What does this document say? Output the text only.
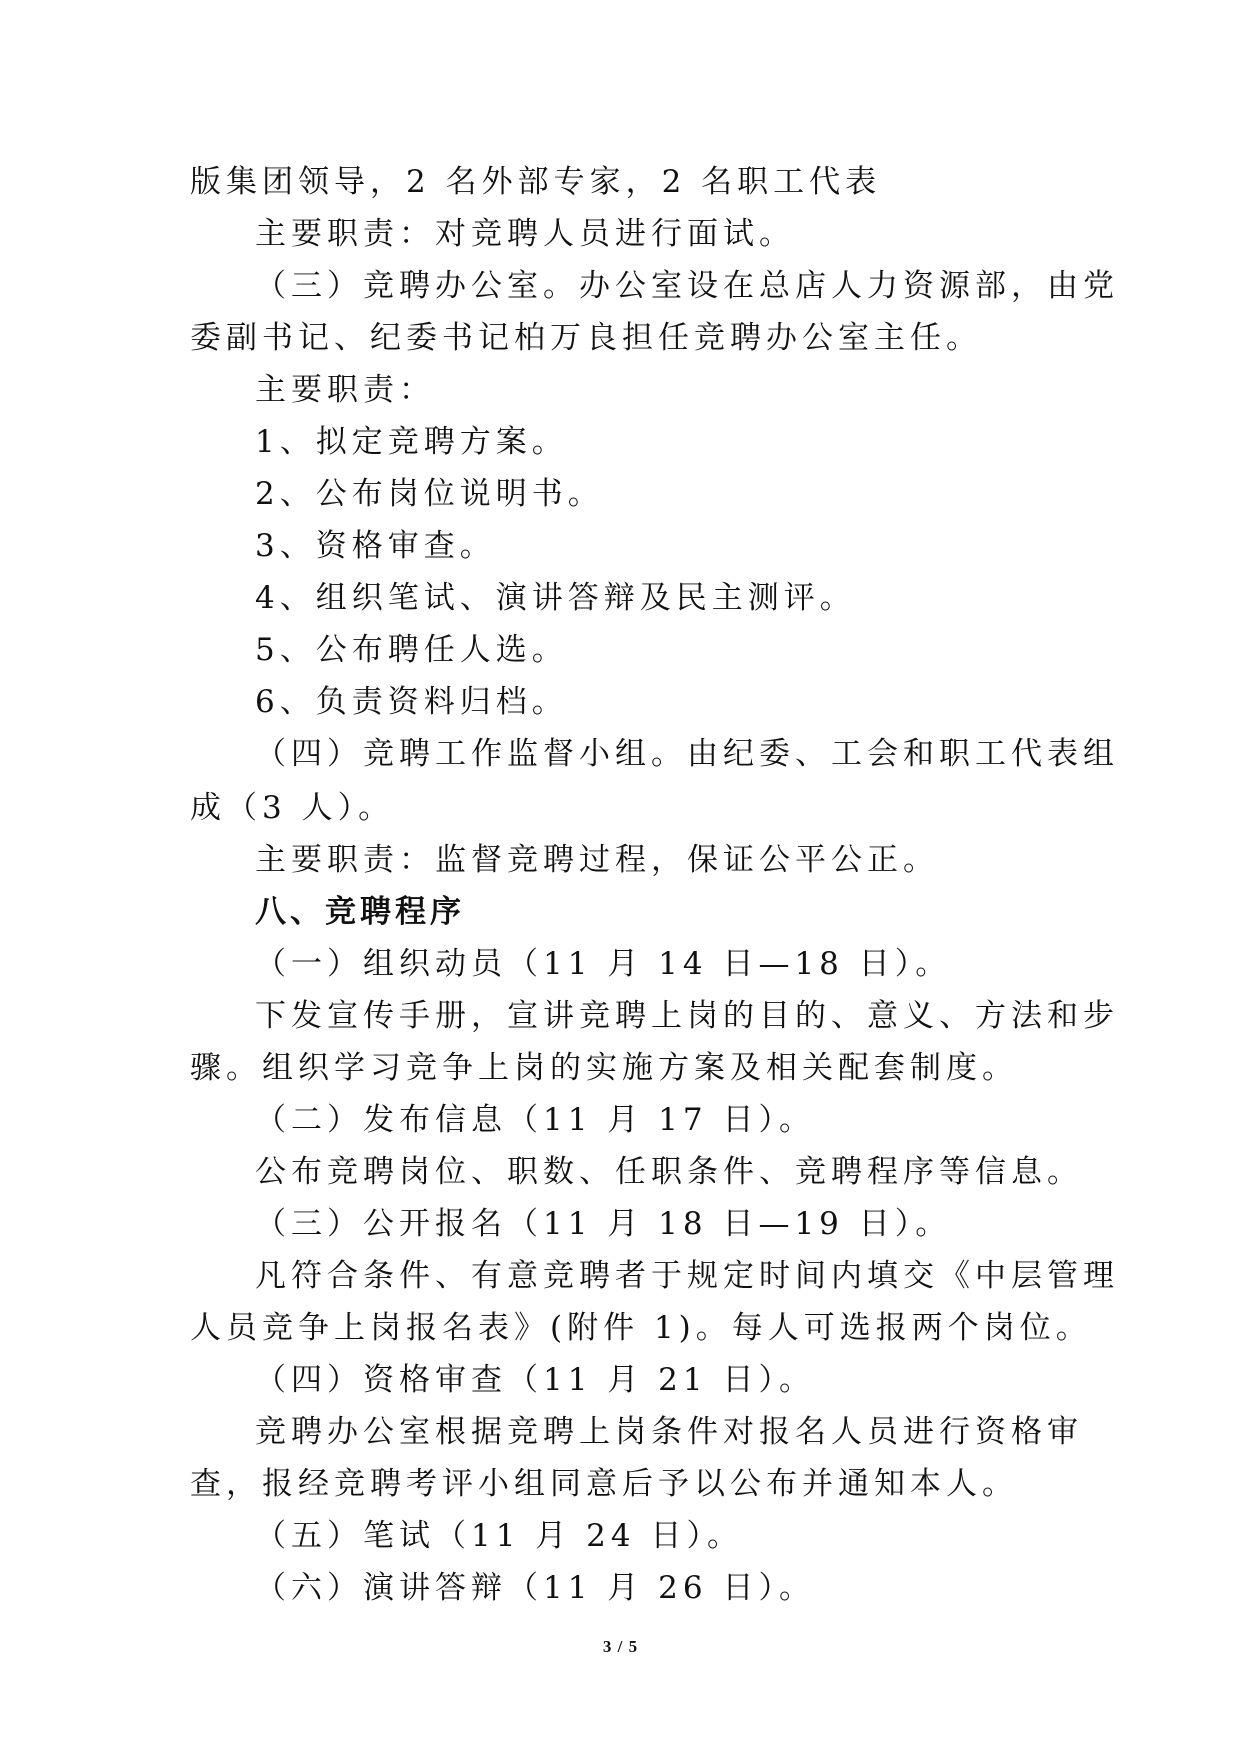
版集团领导，2 名外部专家，2 名职工代表
主要职责：对竞聘人员进行面试。
（三）竞聘办公室。办公室设在总店人力资源部，由党
委副书记、纪委书记柏万良担任竞聘办公室主任。
主要职责：
1、拟定竞聘方案。
2、公布岗位说明书。
3、资格审查。
4、组织笔试、演讲答辩及民主测评。
5、公布聘任人选。
6、负责资料归档。
（四）竞聘工作监督小组。由纪委、工会和职工代表组
成（3 人）。
主要职责：监督竞聘过程，保证公平公正。
八、竞聘程序
（一）组织动员（11 月 14 日—18 日）。
下发宣传手册，宣讲竞聘上岗的目的、意义、方法和步
骤。组织学习竞争上岗的实施方案及相关配套制度。
（二）发布信息（11 月 17 日）。
公布竞聘岗位、职数、任职条件、竞聘程序等信息。
（三）公开报名（11 月 18 日—19 日）。
凡符合条件、有意竞聘者于规定时间内填交《中层管理
人员竞争上岗报名表》(附件 1)。每人可选报两个岗位。
（四）资格审查（11 月 21 日）。
竞聘办公室根据竞聘上岗条件对报名人员进行资格审
查，报经竞聘考评小组同意后予以公布并通知本人。
（五）笔试（11 月 24 日）。
（六）演讲答辩（11 月 26 日）。
3 / 5
